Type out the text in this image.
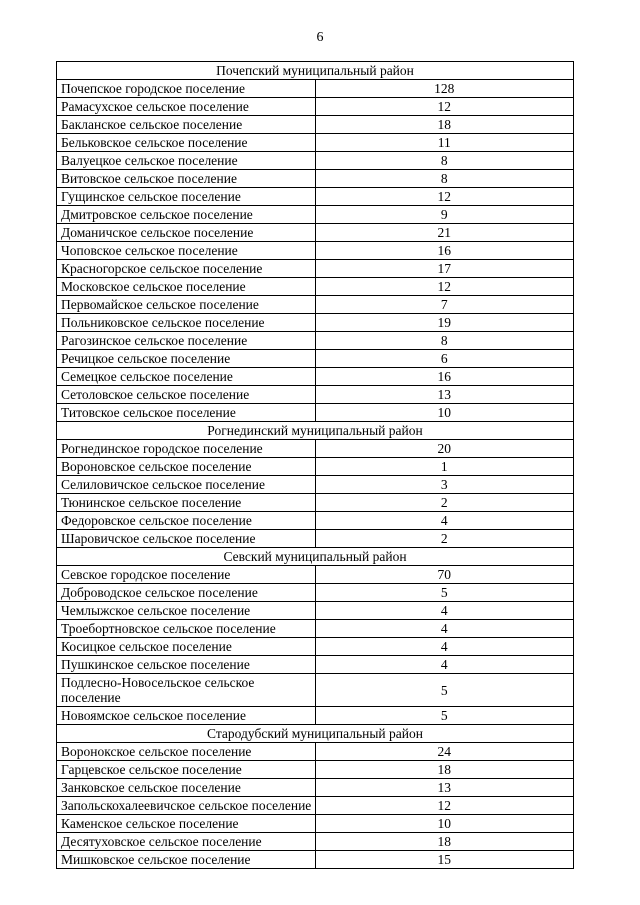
6
Почепский муниципальный район	
Почепское городское поселение	128
Рамасухское сельское поселение	12
Бакланское сельское поселение	18
Бельковское сельское поселение	11
Валуецкое сельское поселение	8
Витовское сельское поселение	8
Гущинское сельское поселение	12
Дмитровское сельское поселение	9
Доманичское сельское поселение	21
Чоповское сельское поселение	16
Красногорское сельское поселение	17
Московское сельское поселение	12
Первомайское сельское поселение	7
Польниковское сельское поселение	19
Рагозинское сельское поселение	8
Речицкое сельское поселение	6
Семецкое сельское поселение	16
Сетоловское сельское поселение	13
Титовское сельское поселение	10
Рогнединский муниципальный район	
Рогнединское городское поселение	20
Вороновское сельское поселение	1
Селиловичское сельское поселение	3
Тюнинское сельское поселение	2
Федоровское сельское поселение	4
Шаровичское сельское поселение	2
Севский муниципальный район	
Севское городское поселение	70
Доброводское сельское поселение	5
Чемлыжское сельское поселение	4
Троебортновское сельское поселение	4
Косицкое сельское поселение	4
Пушкинское сельское поселение	4
Подлесно-Новосельское сельское поселение	5
Новоямское сельское поселение	5
Стародубский муниципальный район	
Воронокское сельское поселение	24
Гарцевское сельское поселение	18
Занковское сельское поселение	13
Запольскохалеевичское сельское поселение	12
Каменское сельское поселение	10
Десятуховское сельское поселение	18
Мишковское сельское поселение	15
